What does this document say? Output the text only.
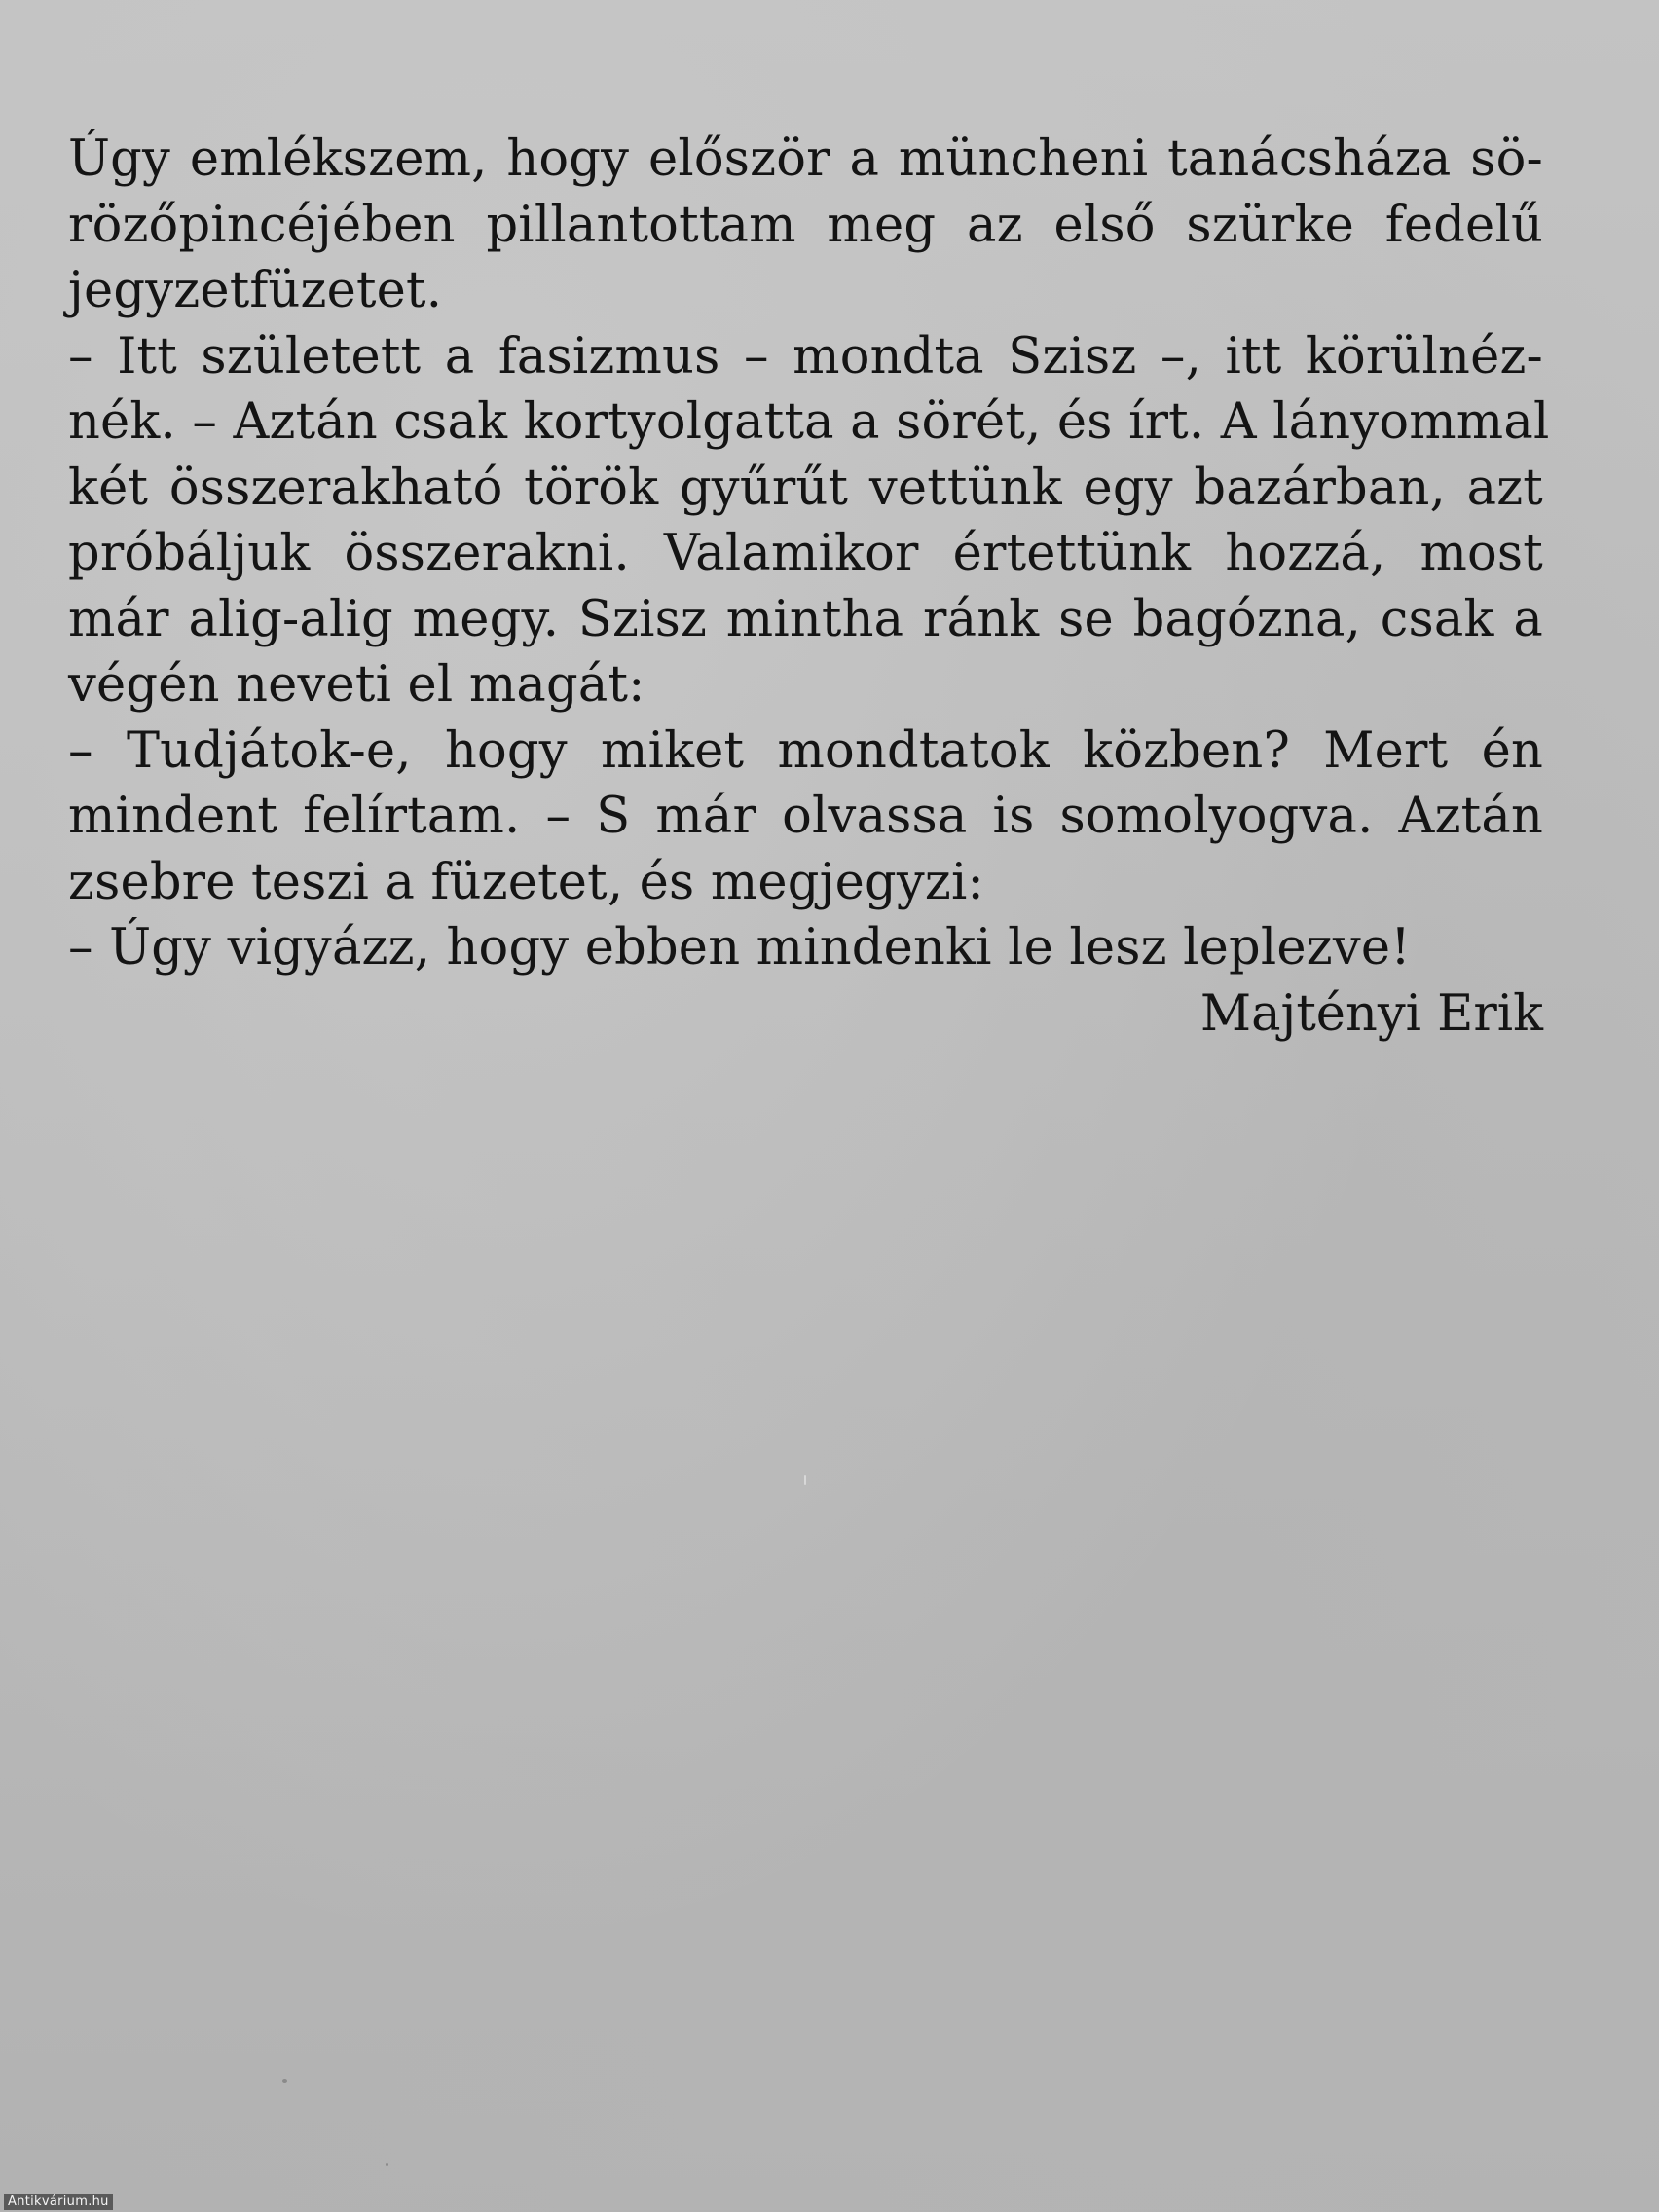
Úgy emlékszem, hogy először a müncheni tanácsháza sö-
rözőpincéjében pillantottam meg az első szürke fedelű
jegyzetfüzetet.
– Itt született a fasizmus – mondta Szisz –, itt körülnéz-
nék. – Aztán csak kortyolgatta a sörét, és írt. A lányommal
két összerakható török gyűrűt vettünk egy bazárban, azt
próbáljuk összerakni. Valamikor értettünk hozzá, most
már alig-alig megy. Szisz mintha ránk se bagózna, csak a
végén neveti el magát:
– Tudjátok-e, hogy miket mondtatok közben? Mert én
mindent felírtam. – S már olvassa is somolyogva. Aztán
zsebre teszi a füzetet, és megjegyzi:
– Úgy vigyázz, hogy ebben mindenki le lesz leplezve!
Majtényi Erik
Antikvárium.hu
